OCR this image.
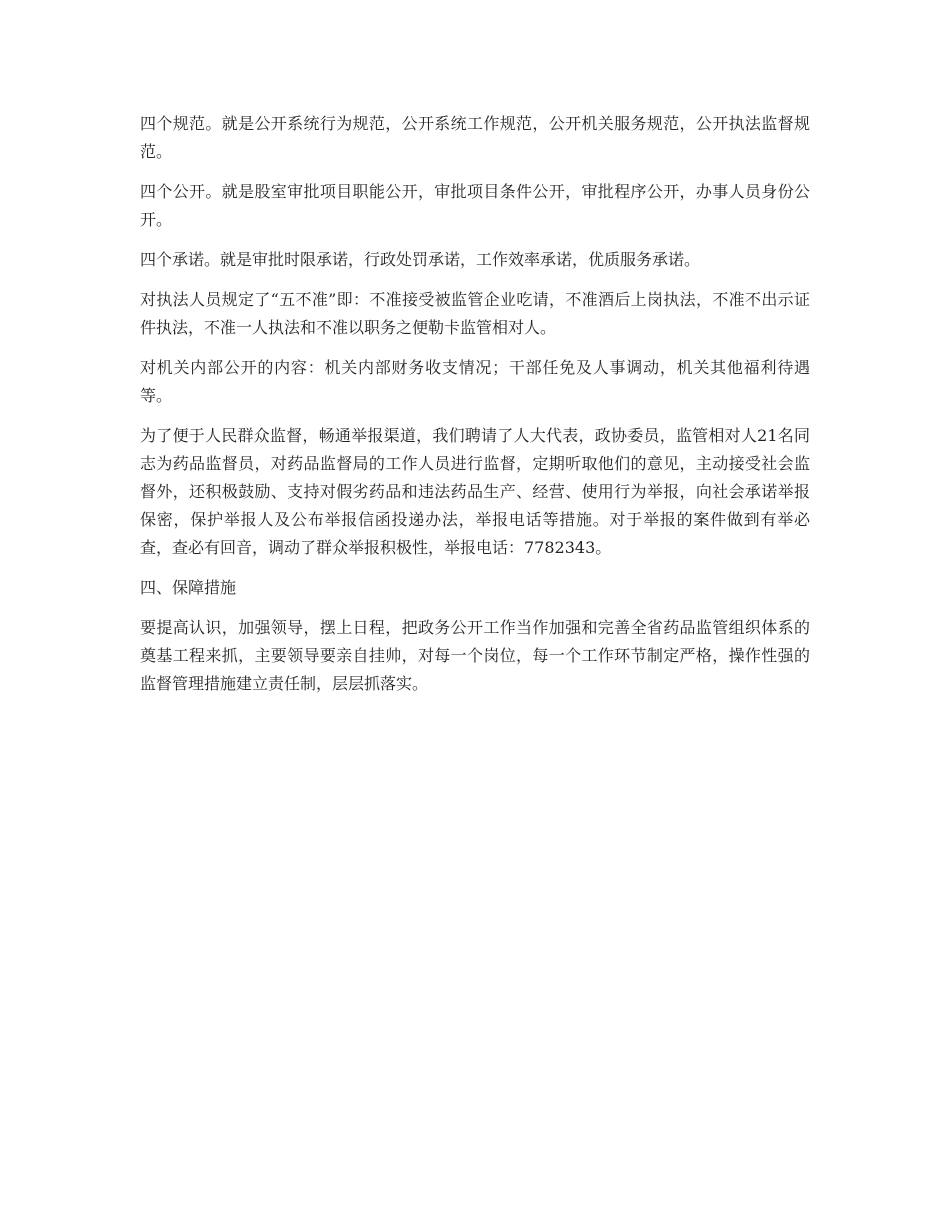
四个规范。就是公开系统行为规范，公开系统工作规范，公开机关服务规范，公开执法监督规范。

四个公开。就是股室审批项目职能公开，审批项目条件公开，审批程序公开，办事人员身份公开。

四个承诺。就是审批时限承诺，行政处罚承诺，工作效率承诺，优质服务承诺。

对执法人员规定了“五不准”即：不准接受被监管企业吃请，不准酒后上岗执法，不准不出示证件执法，不准一人执法和不准以职务之便勒卡监管相对人。

对机关内部公开的内容：机关内部财务收支情况；干部任免及人事调动，机关其他福利待遇等。

为了便于人民群众监督，畅通举报渠道，我们聘请了人大代表，政协委员，监管相对人21名同志为药品监督员，对药品监督局的工作人员进行监督，定期听取他们的意见，主动接受社会监督外，还积极鼓励、支持对假劣药品和违法药品生产、经营、使用行为举报，向社会承诺举报保密，保护举报人及公布举报信函投递办法，举报电话等措施。对于举报的案件做到有举必查，查必有回音，调动了群众举报积极性，举报电话：7782343。

四、保障措施

要提高认识，加强领导，摆上日程，把政务公开工作当作加强和完善全省药品监管组织体系的奠基工程来抓，主要领导要亲自挂帅，对每一个岗位，每一个工作环节制定严格，操作性强的监督管理措施建立责任制，层层抓落实。
